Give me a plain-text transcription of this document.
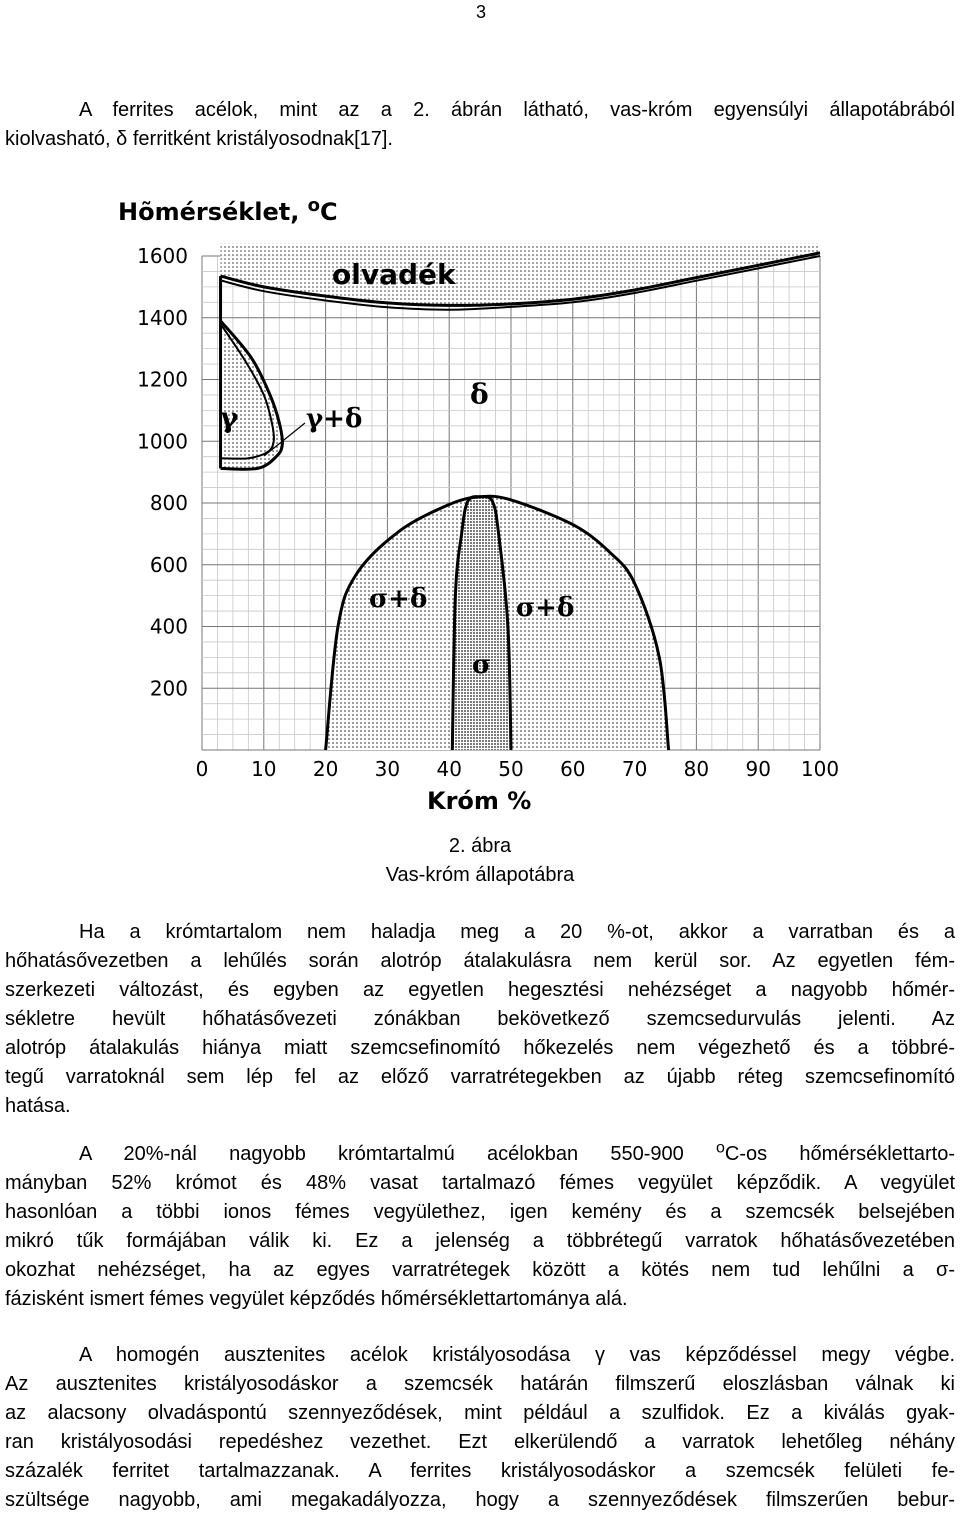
3
A ferrites acélok, mint az a 2. ábrán látható, vas-króm egyensúlyi állapotábrából
kiolvasható, δ ferritként kristályosodnak[17].
0 10 20 30 40 50 60 70 80 90 100
200
400
600
800
1000
1200
1400
1600
Hõmérséklet, $^o$C
Króm %
olvadék
γ	γ+δ
δ
σ+δ	σ+δ
σ
2. ábra
Vas-króm állapotábra
Ha a krómtartalom nem haladja meg a 20 %-ot, akkor a varratban és a
hőhatásővezetben a lehűlés során alotróp átalakulásra nem kerül sor. Az egyetlen fém-
szerkezeti változást, és egyben az egyetlen hegesztési nehézséget a nagyobb hőmér-
sékletre hevült hőhatásővezeti zónákban bekövetkező szemcsedurvulás jelenti. Az
alotróp átalakulás hiánya miatt szemcsefinomító hőkezelés nem végezhető és a többré-
tegű varratoknál sem lép fel az előző varratrétegekben az újabb réteg szemcsefinomító
hatása.
A 20%-nál nagyobb krómtartalmú acélokban 550-900 $^o$C-os hőmérséklettarto-
mányban 52% krómot és 48% vasat tartalmazó fémes vegyület képződik. A vegyület
hasonlóan a többi ionos fémes vegyülethez, igen kemény és a szemcsék belsejében
mikró tűk formájában válik ki. Ez a jelenség a többrétegű varratok hőhatásővezetében
okozhat nehézséget, ha az egyes varratrétegek között a kötés nem tud lehűlni a σ-
fázisként ismert fémes vegyület képződés hőmérséklettartománya alá.
A homogén ausztenites acélok kristályosodása γ vas képződéssel megy végbe.
Az ausztenites kristályosodáskor a szemcsék határán filmszerű eloszlásban válnak ki
az alacsony olvadáspontú szennyeződések, mint például a szulfidok. Ez a kiválás gyak-
ran kristályosodási repedéshez vezethet. Ezt elkerülendő a varratok lehetőleg néhány
százalék ferritet tartalmazzanak. A ferrites kristályosodáskor a szemcsék felületi fe-
szültsége nagyobb, ami megakadályozza, hogy a szennyeződések filmszerűen bebur-
